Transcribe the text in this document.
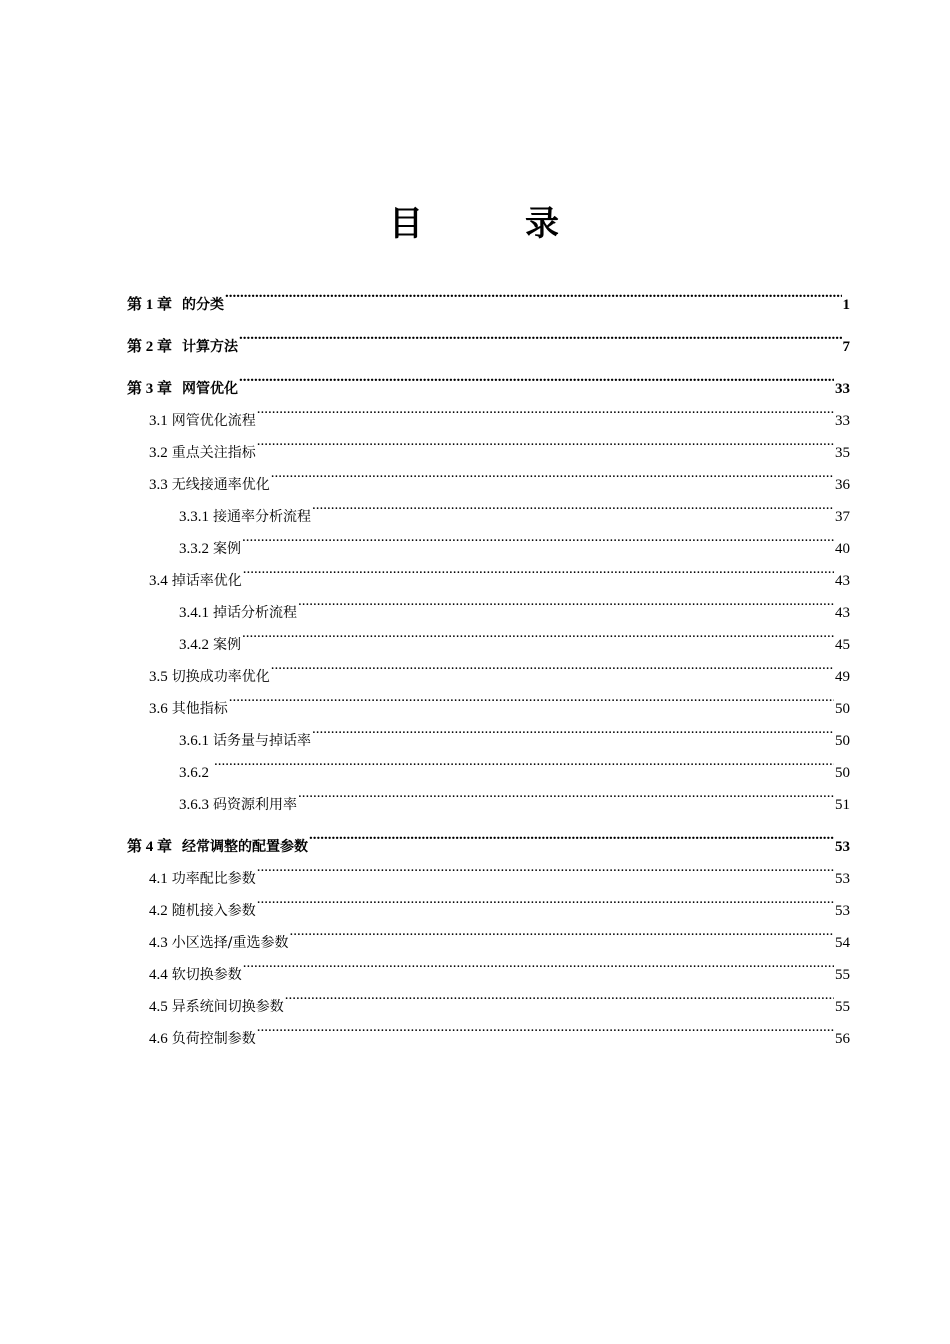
目　录
第 1 章 的分类 .....	1
第 2 章 计算方法 .....	7
第 3 章 网管优化 .....	33
3.1 网管优化流程 .....	33
3.2 重点关注指标 .....	35
3.3 无线接通率优化 .....	36
3.3.1 接通率分析流程 .....	37
3.3.2 案例 .....	40
3.4 掉话率优化 .....	43
3.4.1 掉话分析流程 .....	43
3.4.2 案例 .....	45
3.5 切换成功率优化 .....	49
3.6 其他指标 .....	50
3.6.1 话务量与掉话率 .....	50
3.6.2 .....	50
3.6.3 码资源利用率 .....	51
第 4 章 经常调整的配置参数 .....	53
4.1 功率配比参数 .....	53
4.2 随机接入参数 .....	53
4.3 小区选择/重选参数 .....	54
4.4 软切换参数 .....	55
4.5 异系统间切换参数 .....	55
4.6 负荷控制参数 .....	56
